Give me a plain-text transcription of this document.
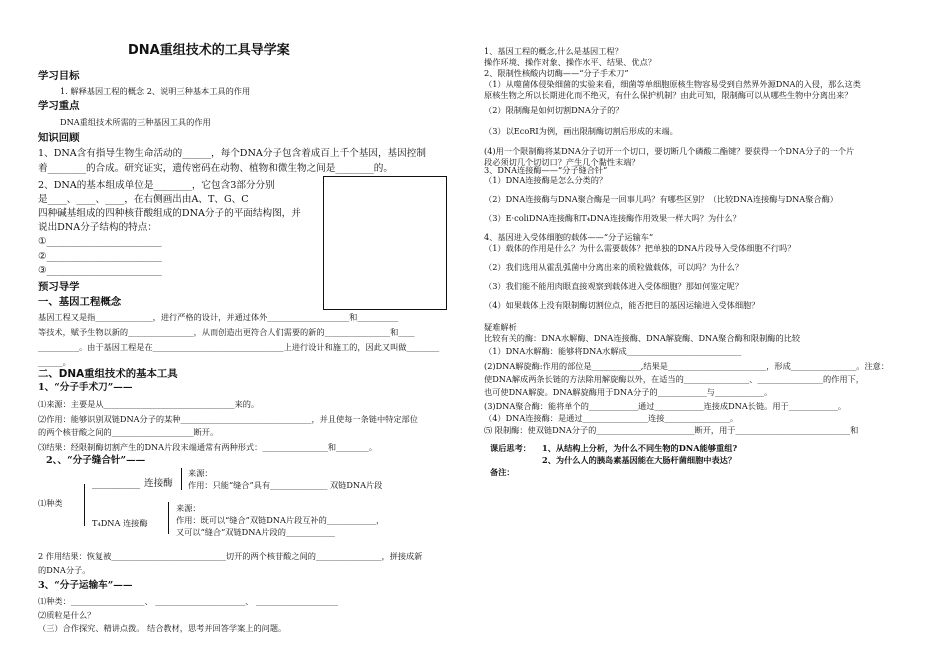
DNA重组技术的工具导学案
学习目标
1. 解释基因工程的概念 2、说明三种基本工具的作用
学习重点
DNA重组技术所需的三种基因工具的作用
知识回顾
1、DNA含有指导生物生命活动的______，每个DNA分子包含着成百上千个基因，基因控制
着________的合成。研究证实，遗传密码在动物、植物和微生物之间是________的。
2、DNA的基本组成单位是________，它包含3部分分别
是____、____、____，在右侧画出由A、T、G、C
四种碱基组成的四种核苷酸组成的DNA分子的平面结构图，并
说出DNA分子结构的特点：
①________________________
②________________________
③________________________
预习导学
一、基因工程概念
基因工程又是指______________，进行严格的设计，并通过体外____________________和__________
等技术，赋予生物以新的________________，从而创造出更符合人们需要的新的________________和____
__________。由于基因工程是在________________________________上进行设计和施工的，因此又叫做________
______。
二、DNA重组技术的基本工具
1、“分子手术刀”——
⑴来源：主要是从________________________________来的。
⑵作用：能够识别双链DNA分子的某种________________________________，并且使每一条链中特定部位
的两个核苷酸之间的____________________断开。
⑶结果：经限制酶切割产生的DNA片段末端通常有两种形式：________________和________。
2、、“分子缝合针”——
⑴种类
__________ 连接酶
来源：
作用：只能“缝合”具有______________ 双链DNA片段
T₄DNA 连接酶
来源：
作用：既可以“缝合”双链DNA片段互补的____________，
又可以“缝合”双链DNA片段的____________
2 作用结果：恢复被____________________________切开的两个核苷酸之间的________________，拼接成新
的DNA分子。
3、“分子运输车”——
⑴种类：__________________、 ______________________、 ____________________
⑵质粒是什么？
（三）合作探究、精讲点拨。 结合教材，思考并回答学案上的问题。
1、基因工程的概念,什么是基因工程？
操作环境、操作对象、操作水平、结果、优点？
2、限制性核酸内切酶——“分子手术刀”
（1）从噬菌体侵染细菌的实验来看，细菌等单细胞原核生物容易受到自然界外源DNA的入侵，那么这类
原核生物之所以长期进化而不绝灭，有什么保护机制？由此可知，限制酶可以从哪些生物中分离出来？
（2）限制酶是如何切割DNA分子的？
（3）以EcoRI为例，画出限制酶切割后形成的末端。
(4)用一个限制酶将某DNA分子切开一个切口，要切断几个磷酸二酯键？要获得一个DNA分子的一个片
段必须切几个切切口？产生几个黏性末端？
3、DNA连接酶——“分子缝合针”
（1）DNA连接酶是怎么分类的？
（2）DNA连接酶与DNA聚合酶是一回事儿吗？有哪些区别？（比较DNA连接酶与DNA聚合酶）
（3）E·coliDNA连接酶和T₄DNA连接酶作用效果一样大吗？为什么？
4、基因进入受体细胞的载体——“分子运输车”
（1）载体的作用是什么？为什么需要载体？把单独的DNA片段导入受体细胞不行吗？
（2）我们选用从霍乱弧菌中分离出来的质粒做载体，可以吗？为什么？
（3）我们能不能用肉眼直接观察到载体进入受体细胞？那如何鉴定呢？
（4）如果载体上没有限制酶切割位点，能否把目的基因运输进入受体细胞？
疑难解析
比较有关的酶：DNA水解酶、DNA连接酶、DNA解旋酶、DNA聚合酶和限制酶的比较
（1）DNA水解酶：能够将DNA水解成____________________________
(2)DNA解旋酶:作用的部位是____________,结果是________________________，形成________________。注意：
使DNA解成两条长链的方法除用解旋酶以外，在适当的________________、________________的作用下，
也可使DNA解旋。DNA解旋酶用于DNA分子的____________与____________。
(3)DNA聚合酶：能将单个的____________通过____________连接成DNA长链。用于____________。
（4）DNA连接酶：是通过________________连接________________。
⑸ 限制酶：使双链DNA分子的________________________断开，用于____________________________和
课后思考： 1、从结构上分析，为什么不同生物的DNA能够重组?
2、为什么人的胰岛素基因能在大肠杆菌细胞中表达？
备注：
